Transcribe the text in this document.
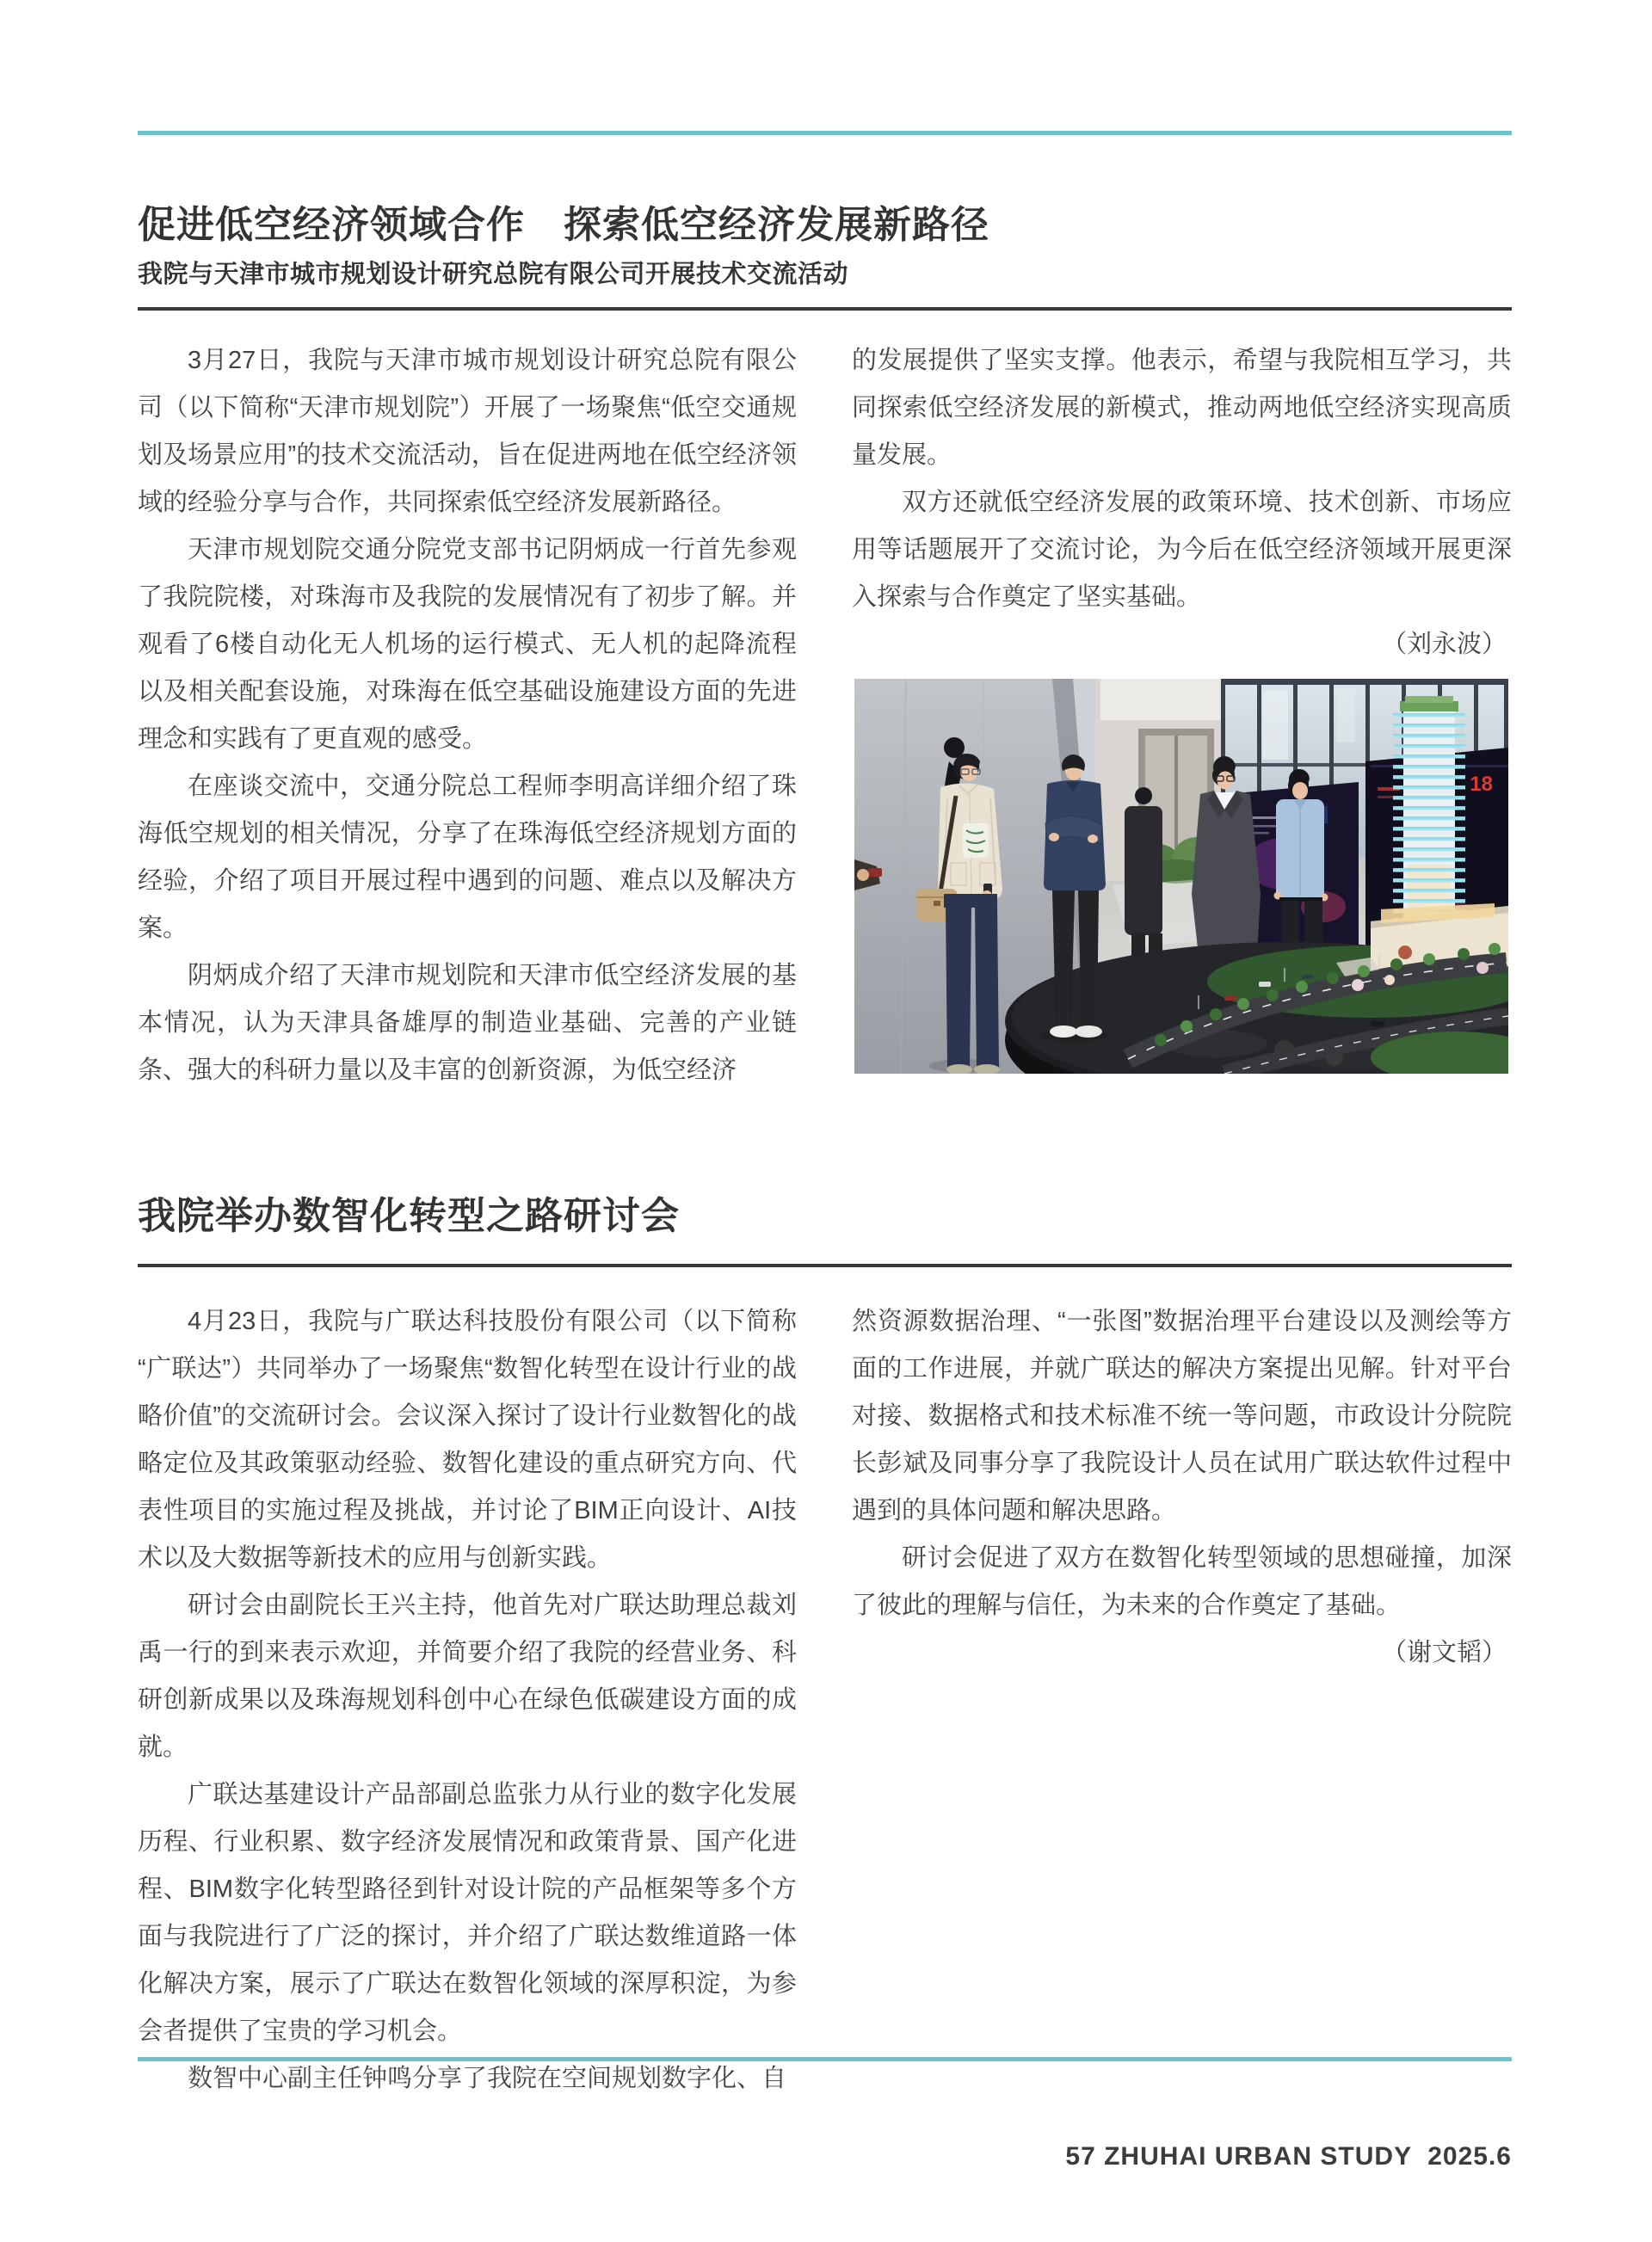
促进低空经济领域合作　探索低空经济发展新路径
我院与天津市城市规划设计研究总院有限公司开展技术交流活动

3月27日，我院与天津市城市规划设计研究总院有限公司（以下简称“天津市规划院”）开展了一场聚焦“低空交通规划及场景应用”的技术交流活动，旨在促进两地在低空经济领域的经验分享与合作，共同探索低空经济发展新路径。

天津市规划院交通分院党支部书记阴炳成一行首先参观了我院院楼，对珠海市及我院的发展情况有了初步了解。并观看了6楼自动化无人机场的运行模式、无人机的起降流程以及相关配套设施，对珠海在低空基础设施建设方面的先进理念和实践有了更直观的感受。

在座谈交流中，交通分院总工程师李明高详细介绍了珠海低空规划的相关情况，分享了在珠海低空经济规划方面的经验，介绍了项目开展过程中遇到的问题、难点以及解决方案。

阴炳成介绍了天津市规划院和天津市低空经济发展的基本情况，认为天津具备雄厚的制造业基础、完善的产业链条、强大的科研力量以及丰富的创新资源，为低空经济

的发展提供了坚实支撑。他表示，希望与我院相互学习，共同探索低空经济发展的新模式，推动两地低空经济实现高质量发展。

双方还就低空经济发展的政策环境、技术创新、市场应用等话题展开了交流讨论，为今后在低空经济领域开展更深入探索与合作奠定了坚实基础。

（刘永波）

18
我院举办数智化转型之路研讨会

4月23日，我院与广联达科技股份有限公司（以下简称“广联达”）共同举办了一场聚焦“数智化转型在设计行业的战略价值”的交流研讨会。会议深入探讨了设计行业数智化的战略定位及其政策驱动经验、数智化建设的重点研究方向、代表性项目的实施过程及挑战，并讨论了BIM正向设计、AI技术以及大数据等新技术的应用与创新实践。

研讨会由副院长王兴主持，他首先对广联达助理总裁刘禹一行的到来表示欢迎，并简要介绍了我院的经营业务、科研创新成果以及珠海规划科创中心在绿色低碳建设方面的成就。

广联达基建设计产品部副总监张力从行业的数字化发展历程、行业积累、数字经济发展情况和政策背景、国产化进程、BIM数字化转型路径到针对设计院的产品框架等多个方面与我院进行了广泛的探讨，并介绍了广联达数维道路一体化解决方案，展示了广联达在数智化领域的深厚积淀，为参会者提供了宝贵的学习机会。

数智中心副主任钟鸣分享了我院在空间规划数字化、自

然资源数据治理、“一张图”数据治理平台建设以及测绘等方面的工作进展，并就广联达的解决方案提出见解。针对平台对接、数据格式和技术标准不统一等问题，市政设计分院院长彭斌及同事分享了我院设计人员在试用广联达软件过程中遇到的具体问题和解决思路。

研讨会促进了双方在数智化转型领域的思想碰撞，加深了彼此的理解与信任，为未来的合作奠定了基础。

（谢文韬）

57 ZHUHAI URBAN STUDY  2025.6
